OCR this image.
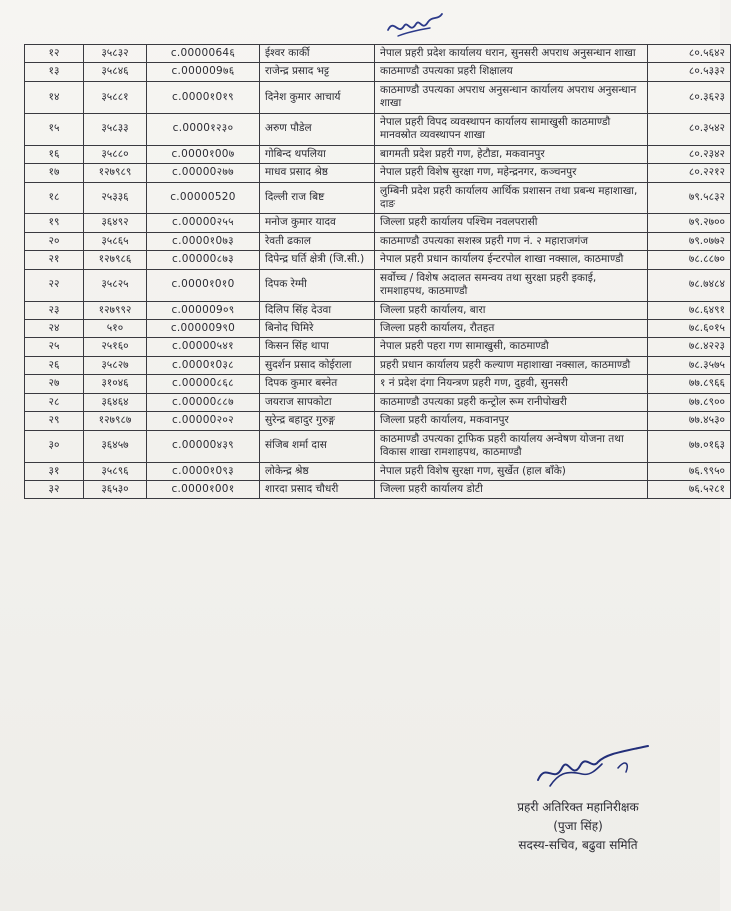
१२	३५८३२	c.0000064६	ईश्वर कार्की	नेपाल प्रहरी प्रदेश कार्यालय धरान, सुनसरी अपराध अनुसन्धान शाखा	८०.५६४२
१३	३५८४६	c.000009७६	राजेन्द्र प्रसाद भट्ट	काठमाण्डौ उपत्यका प्रहरी शिक्षालय	८०.५३३२
१४	३५८८१	c.0000१0१९	दिनेश कुमार आचार्य	काठमाण्डौ उपत्यका अपराध अनुसन्धान कार्यालय अपराध अनुसन्धान शाखा	८०.३६२३
१५	३५८३३	c.0000१२३०	अरुण पौडेल	नेपाल प्रहरी विपद व्यवस्थापन कार्यालय सामाखुसी काठमाण्डौ मानवस्रोत व्यवस्थापन शाखा	८०.३५४२
१६	३५८८०	c.0000१00७	गोबिन्द थपलिया	बागमती प्रदेश प्रहरी गण, हेटौडा, मकवानपुर	८०.२३४२
१७	१२७९८९	c.00000२७७	माधव प्रसाद श्रेष्ठ	नेपाल प्रहरी विशेष सुरक्षा गण, महेन्द्रनगर, कञ्चनपुर	८०.२२१२
१८	२५३३६	c.00000520	दिल्ली राज बिष्ट	लुम्बिनी प्रदेश प्रहरी कार्यालय आर्थिक प्रशासन तथा प्रबन्ध महाशाखा, दाङ	७९.५८३२
१९	३६४९२	c.00000२५५	मनोज कुमार यादव	जिल्ला प्रहरी कार्यालय पश्चिम नवलपरासी	७९.२७००
२०	३५८६५	c.0000१0७३	रेवती ढकाल	काठमाण्डौ उपत्यका सशस्त्र प्रहरी गण नं. २ महाराजगंज	७९.०७७२
२१	१२७९८६	c.00000८७३	दिपेन्द्र घर्ति क्षेत्री (जि.सी.)	नेपाल प्रहरी प्रधान कार्यालय ईन्टरपोल शाखा नक्साल, काठमाण्डौ	७८.८८७०
२२	३५८२५	c.0000१0१0	दिपक रेग्मी	सर्वोच्च / विशेष अदालत समन्वय तथा सुरक्षा प्रहरी इकाई, रामशाहपथ, काठमाण्डौ	७८.७४८४
२३	१२७९९२	c.000009०९	दिलिप सिंह देउवा	जिल्ला प्रहरी कार्यालय, बारा	७८.६४९१
२४	५१०	c.000009९0	बिनोद घिमिरे	जिल्ला प्रहरी कार्यालय, रौतहत	७८.६०१५
२५	२५१६०	c.00000५४१	किसन सिंह थापा	नेपाल प्रहरी पहरा गण सामाखुसी, काठमाण्डौ	७८.४२२३
२६	३५८२७	c.0000१0३८	सुदर्शन प्रसाद कोईराला	प्रहरी प्रधान कार्यालय प्रहरी कल्याण महाशाखा नक्साल, काठमाण्डौ	७८.३५७५
२७	३१०४६	c.00000८६८	दिपक कुमार बस्नेत	१ नं प्रदेश दंगा नियन्त्रण प्रहरी गण, दुहवी, सुनसरी	७७.८९६६
२८	३६४६४	c.00000८८७	जयराज सापकोटा	काठमाण्डौ उपत्यका प्रहरी कन्ट्रोल रूम रानीपोखरी	७७.८९००
२९	१२७९८७	c.00000२०२	सुरेन्द्र बहादुर गुरुङ्ग	जिल्ला प्रहरी कार्यालय, मकवानपुर	७७.४५३०
३०	३६४५७	c.00000४३९	संजिब शर्मा दास	काठमाण्डौ उपत्यका ट्राफिक प्रहरी कार्यालय अन्वेषण योजना तथा विकास शाखा रामशाहपथ, काठमाण्डौ	७७.०१६३
३१	३५८९६	c.0000१0९३	लोकेन्द्र श्रेष्ठ	नेपाल प्रहरी विशेष सुरक्षा गण, सुर्खेत (हाल बाँके)	७६.९९५०
३२	३६५३०	c.0000१00१	शारदा प्रसाद चौधरी	जिल्ला प्रहरी कार्यालय डोटी	७६.५२८१
प्रहरी अतिरिक्त महानिरीक्षक
(पुजा सिंह)
सदस्य-सचिव, बढुवा समिति
